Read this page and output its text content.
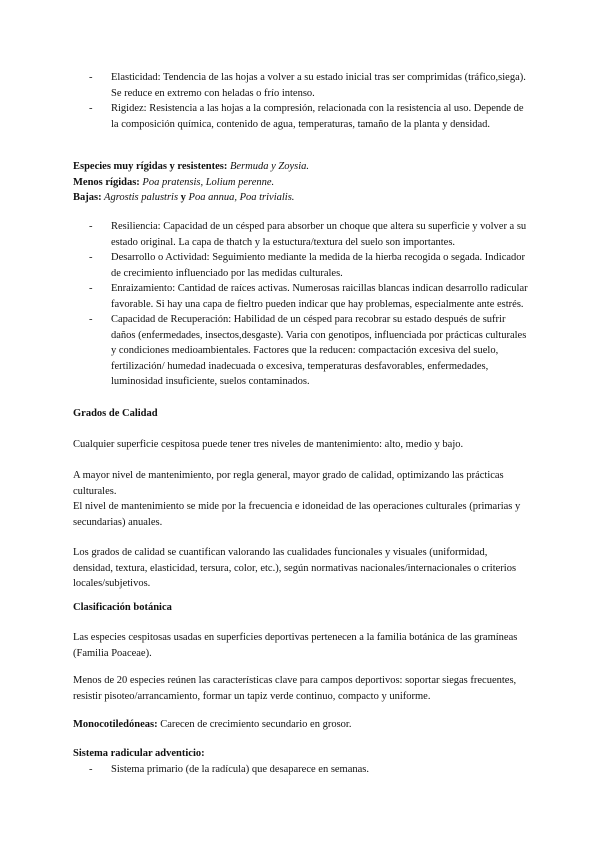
- Elasticidad: Tendencia de las hojas a volver a su estado inicial tras ser comprimidas (tráfico,siega). Se reduce en extremo con heladas o frío intenso.
- Rigidez: Resistencia a las hojas a la compresión, relacionada con la resistencia al uso. Depende de la composición química, contenido de agua, temperaturas, tamaño de la planta y densidad.

Especies muy rígidas y resistentes: Bermuda y Zoysia.

Menos rígidas: Poa pratensis, Lolium perenne.

Bajas: Agrostis palustris y Poa annua, Poa trivialis.

- Resiliencia: Capacidad de un césped para absorber un choque que altera su superficie y volver a su estado original. La capa de thatch y la estuctura/textura del suelo son importantes.
- Desarrollo o Actividad: Seguimiento mediante la medida de la hierba recogida o segada. Indicador de crecimiento influenciado por las medidas culturales.
- Enraizamiento: Cantidad de raíces activas. Numerosas raicillas blancas indican desarrollo radicular favorable. Si hay una capa de fieltro pueden indicar que hay problemas, especialmente ante estrés.
- Capacidad de Recuperación: Habilidad de un césped para recobrar su estado después de sufrir daños (enfermedades, insectos,desgaste). Varia con genotipos, influenciada por prácticas culturales y condiciones medioambientales. Factores que la reducen: compactación excesiva del suelo, fertilización/ humedad inadecuada o excesiva, temperaturas desfavorables, enfermedades, luminosidad insuficiente, suelos contaminados.

Grados de Calidad

Cualquier superficie cespitosa puede tener tres niveles de mantenimiento: alto, medio y bajo.

A mayor nivel de mantenimiento, por regla general, mayor grado de calidad, optimizando las prácticas culturales.

El nivel de mantenimiento se mide por la frecuencia e idoneidad de las operaciones culturales (primarias y secundarias) anuales.

Los grados de calidad se cuantifican valorando las cualidades funcionales y visuales (uniformidad, densidad, textura, elasticidad, tersura, color, etc.), según normativas nacionales/internacionales o criterios locales/subjetivos.

Clasificación botánica

Las especies cespitosas usadas en superficies deportivas pertenecen a la familia botánica de las gramíneas (Familia Poaceae).

Menos de 20 especies reúnen las características clave para campos deportivos: soportar siegas frecuentes, resistir pisoteo/arrancamiento, formar un tapiz verde continuo, compacto y uniforme.

Monocotiledóneas: Carecen de crecimiento secundario en grosor.

Sistema radicular adventicio:

- Sistema primario (de la radícula) que desaparece en semanas.
